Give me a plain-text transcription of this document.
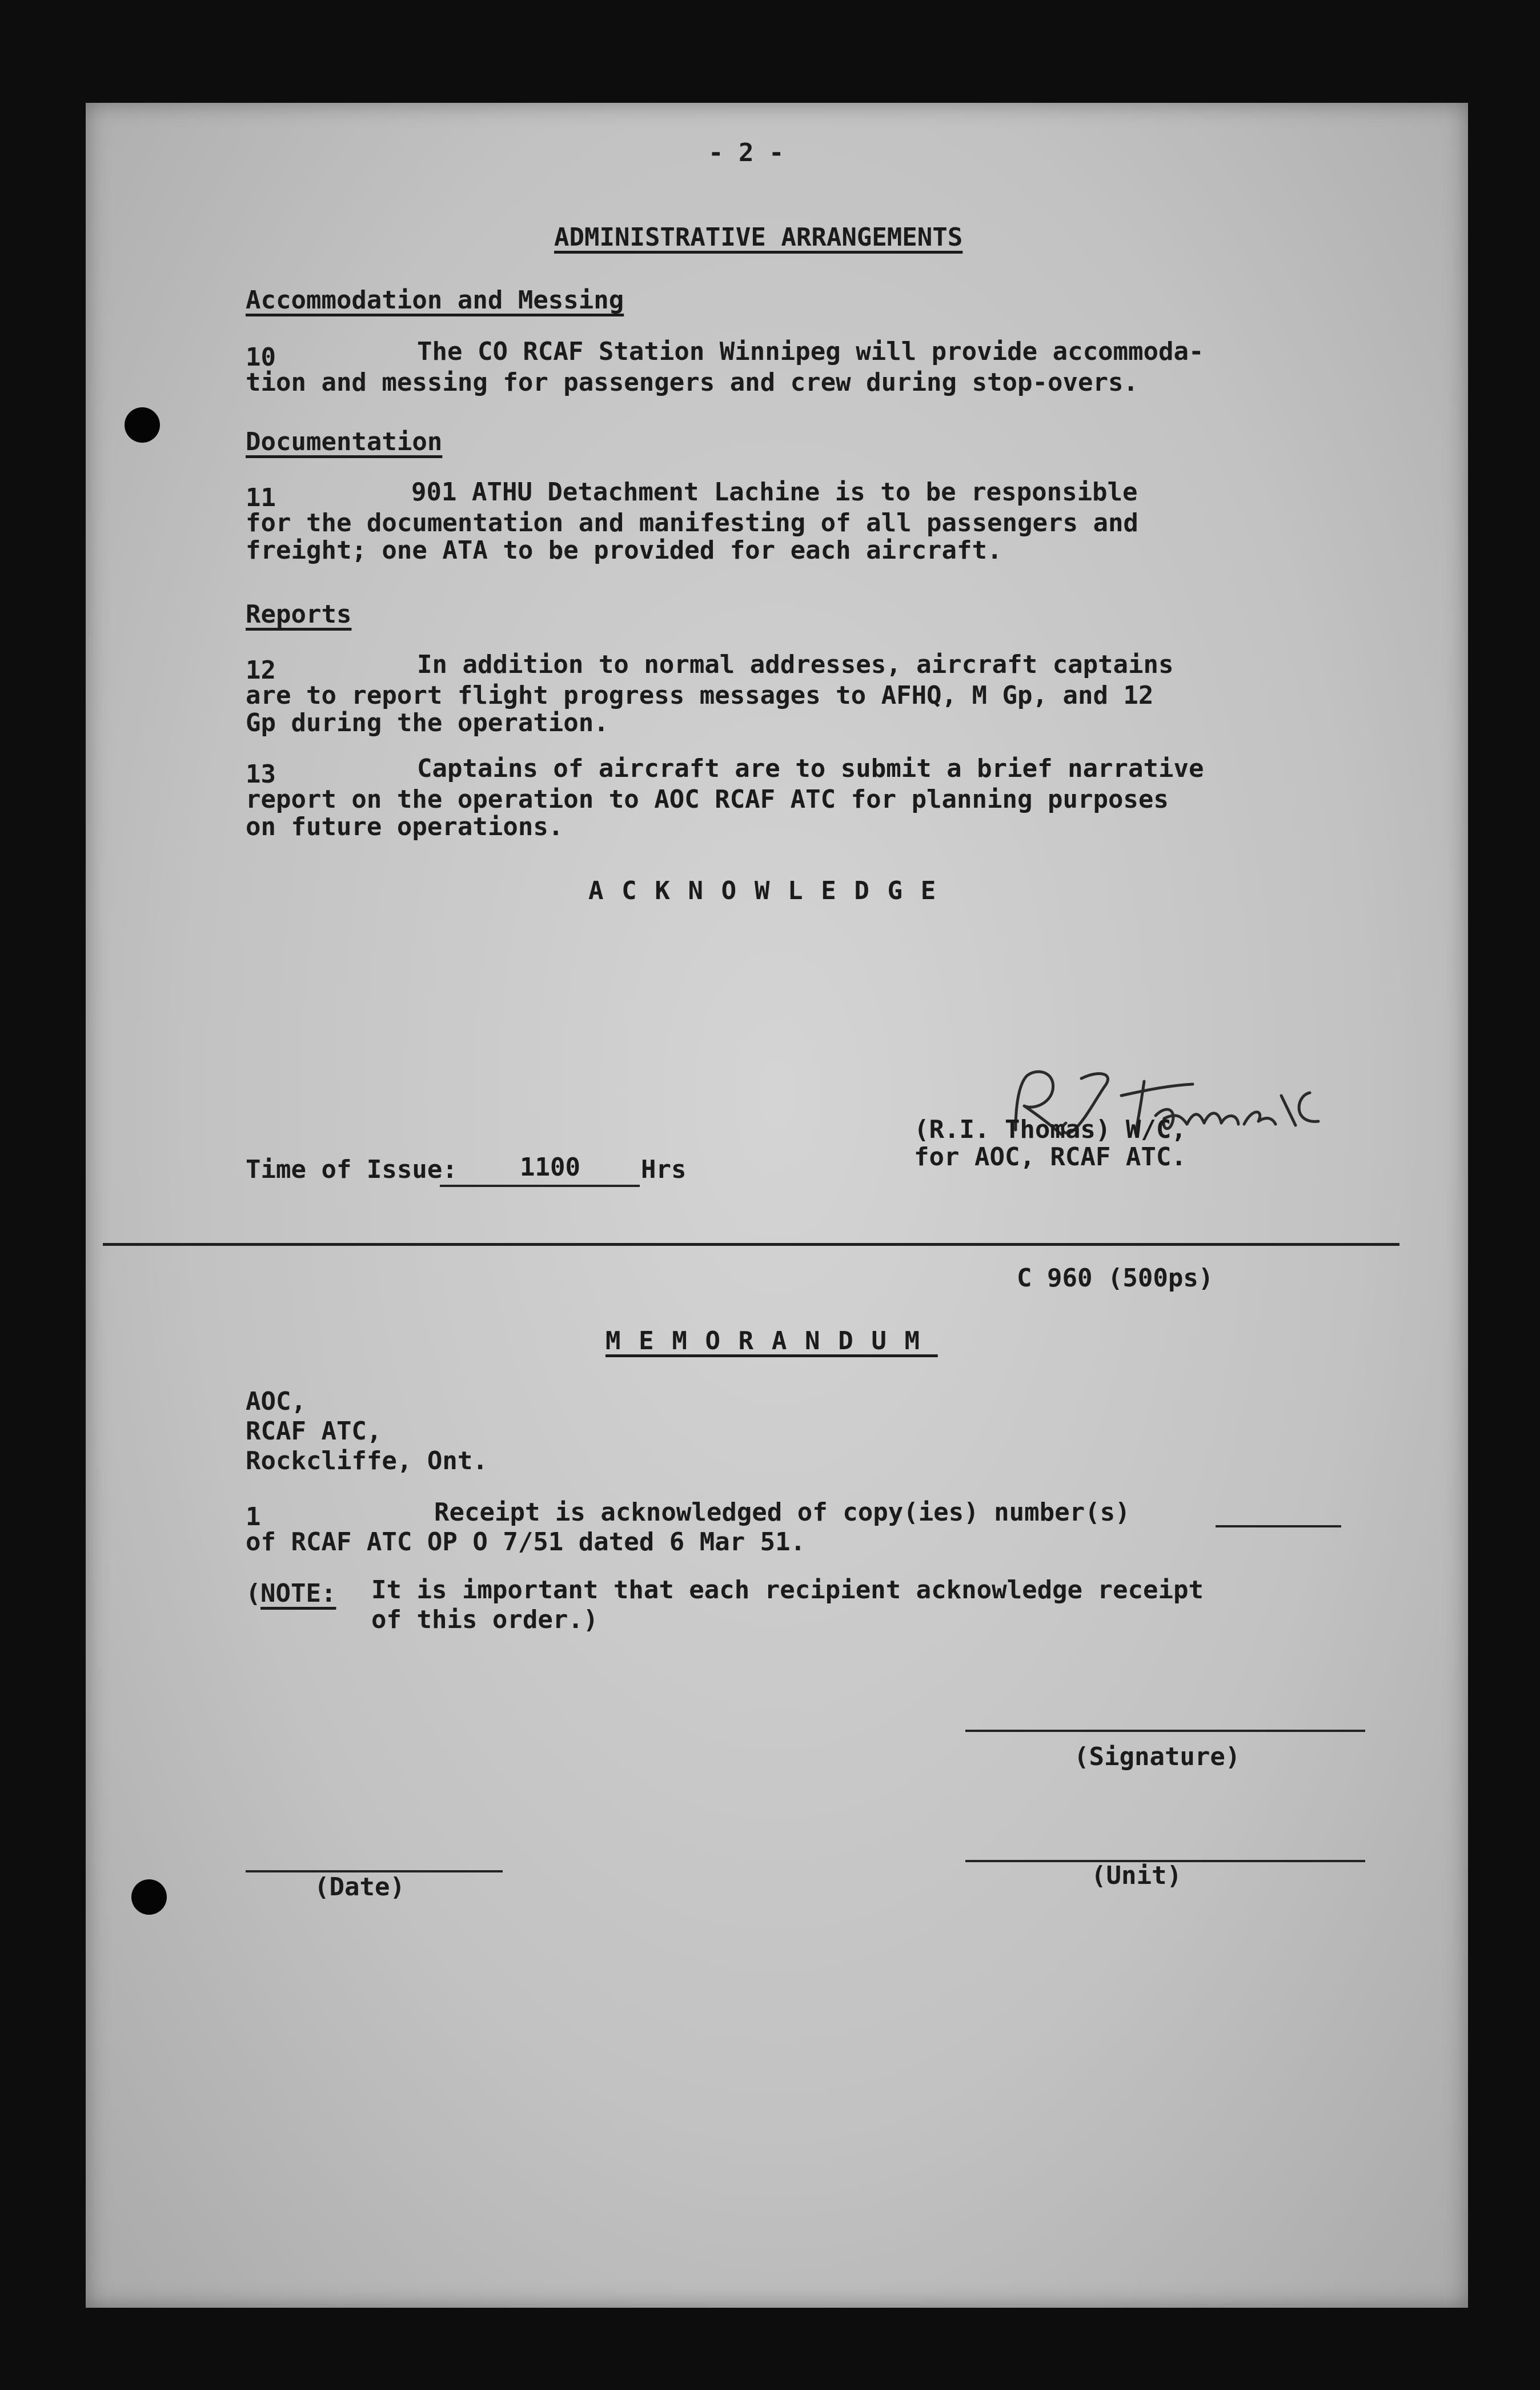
- 2 -

ADMINISTRATIVE ARRANGEMENTS

Accommodation and Messing

10	The CO RCAF Station Winnipeg will provide accommoda-

tion and messing for passengers and crew during stop-overs.

Documentation

11	901 ATHU Detachment Lachine is to be responsible

for the documentation and manifesting of all passengers and

freight; one ATA to be provided for each aircraft.

Reports

12	In addition to normal addresses, aircraft captains

are to report flight progress messages to AFHQ, M Gp, and 12

Gp during the operation.

13	Captains of aircraft are to submit a brief narrative

report on the operation to AOC RCAF ATC for planning purposes

on future operations.

ACKNOWLEDGE

(R.I. Thomas) W/C,

for AOC, RCAF ATC.

Time of Issue: 1100 Hrs

C 960 (500ps)

MEMORANDUM

AOC,

RCAF ATC,

Rockcliffe, Ont.

1	Receipt is acknowledged of copy(ies) number(s)

of RCAF ATC OP O 7/51 dated 6 Mar 51.

( NOTE: It is important that each recipient acknowledge receipt

of this order.)

(Signature)

(Date)	(Unit)
